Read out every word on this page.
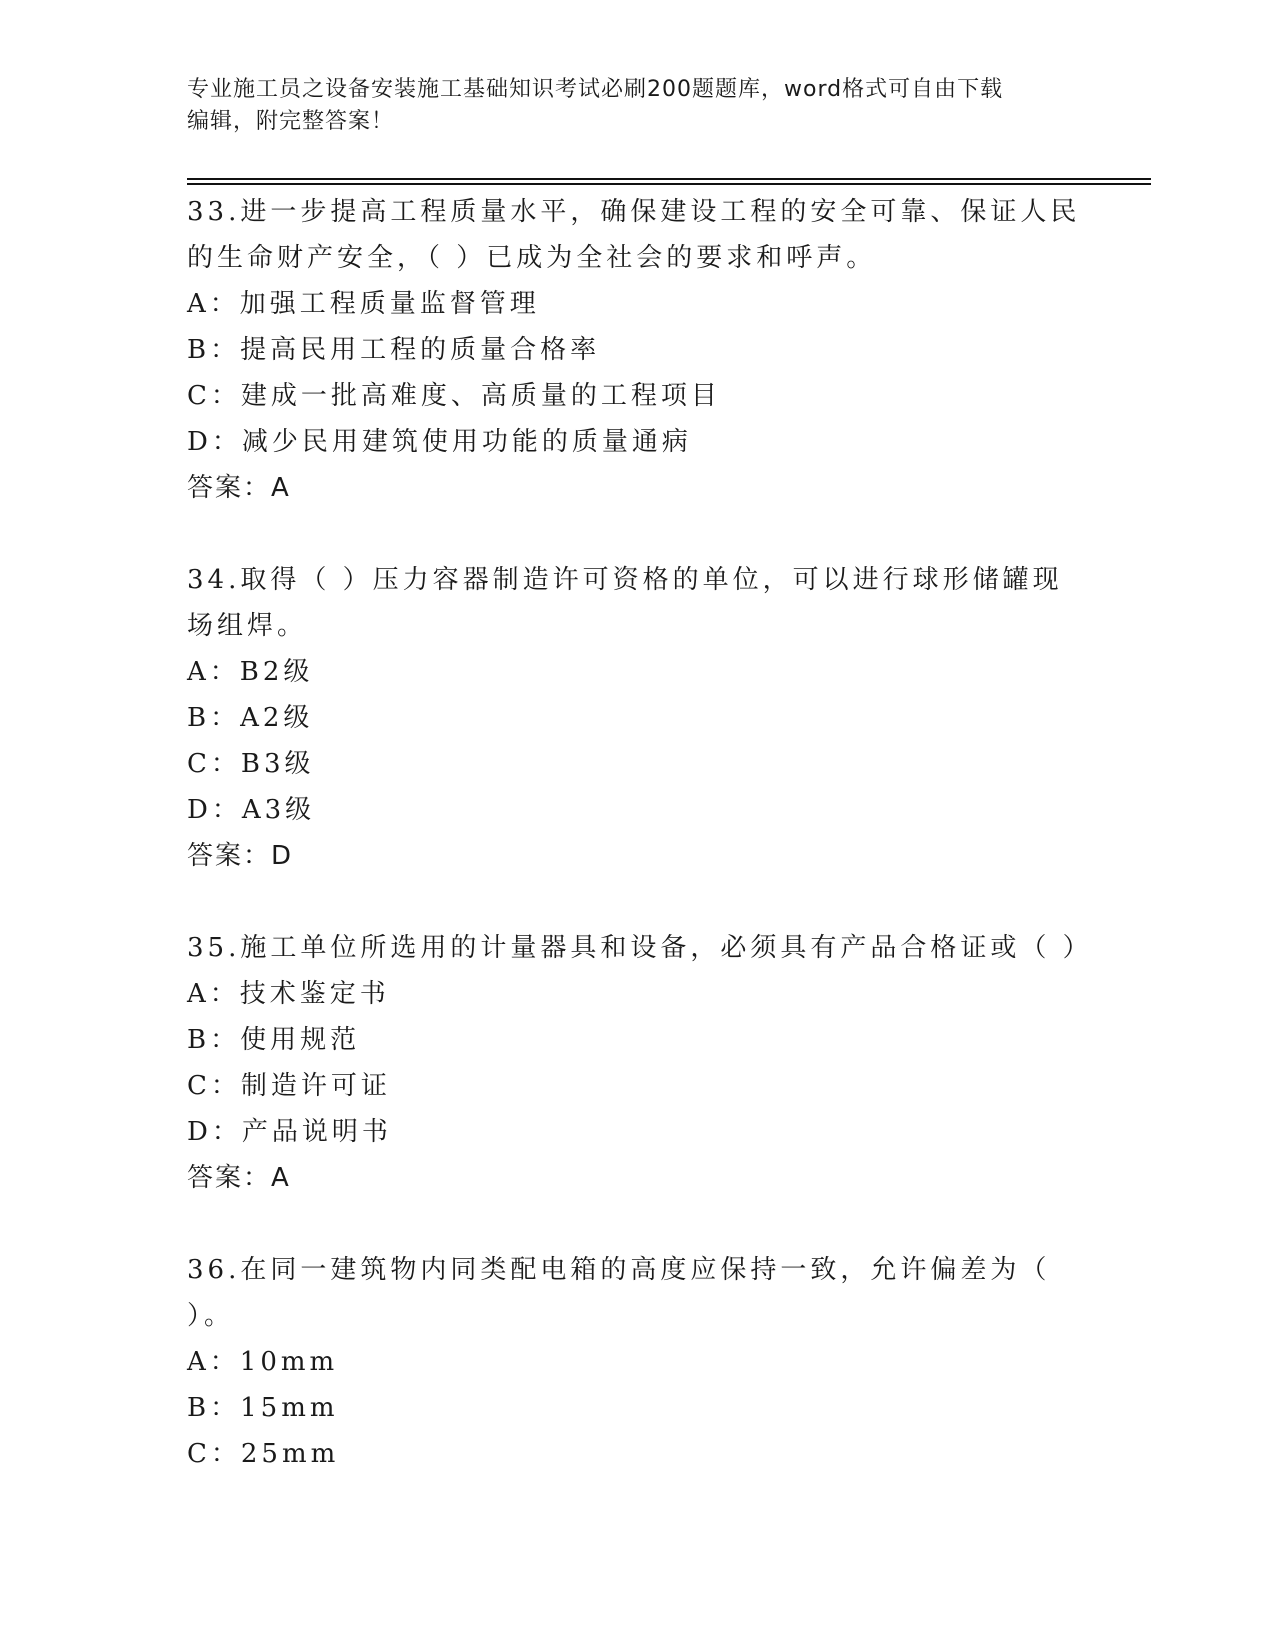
专业施工员之设备安装施工基础知识考试必刷200题题库，word格式可自由下载
编辑，附完整答案！

33.进一步提高工程质量水平，确保建设工程的安全可靠、保证人民的生命财产安全，（ ）已成为全社会的要求和呼声。

A：加强工程质量监督管理

B：提高民用工程的质量合格率

C：建成一批高难度、高质量的工程项目

D：减少民用建筑使用功能的质量通病

答案：A

34.取得（ ）压力容器制造许可资格的单位，可以进行球形储罐现场组焊。

A：B2级

B：A2级

C：B3级

D：A3级

答案：D

35.施工单位所选用的计量器具和设备，必须具有产品合格证或（ ）

A：技术鉴定书

B：使用规范

C：制造许可证

D：产品说明书

答案：A

36.在同一建筑物内同类配电箱的高度应保持一致，允许偏差为（ ）。

A：10mm

B：15mm

C：25mm
